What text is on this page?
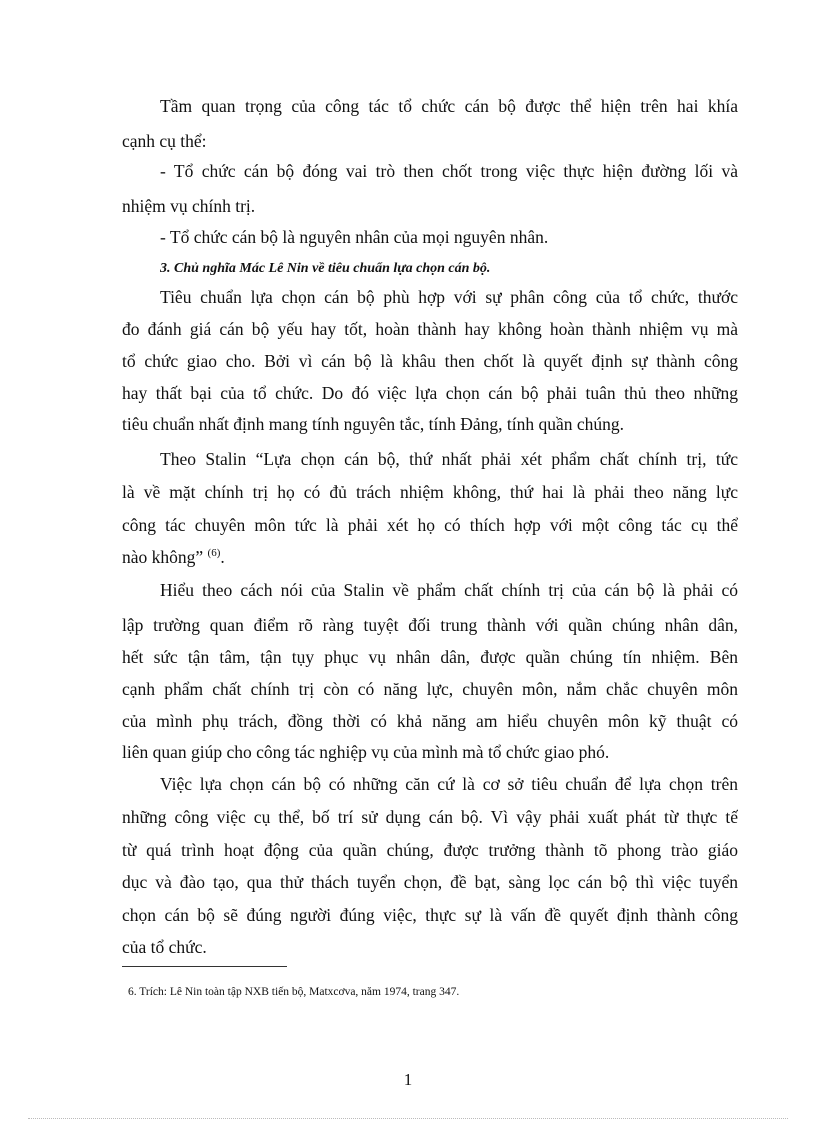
Tầm quan trọng của công tác tổ chức cán bộ được thể hiện trên hai khía
cạnh cụ thể:
- Tổ chức cán bộ đóng vai trò then chốt trong việc thực hiện đường lối và
nhiệm vụ chính trị.
- Tổ chức cán bộ là nguyên nhân của mọi nguyên nhân.
3. Chủ nghĩa Mác Lê Nin về tiêu chuẩn lựa chọn cán bộ.
Tiêu chuẩn lựa chọn cán bộ phù hợp với sự phân công của tổ chức, thước
đo đánh giá cán bộ yếu hay tốt, hoàn thành hay không hoàn thành nhiệm vụ mà
tổ chức giao cho. Bởi vì cán bộ là khâu then chốt là quyết định sự thành công
hay thất bại của tổ chức. Do đó việc lựa chọn cán bộ phải tuân thủ theo những
tiêu chuẩn nhất định mang tính nguyên tắc, tính Đảng, tính quần chúng.
Theo Stalin “Lựa chọn cán bộ, thứ nhất phải xét phẩm chất chính trị, tức
là về mặt chính trị họ có đủ trách nhiệm không, thứ hai là phải theo năng lực
công tác chuyên môn tức là phải xét họ có thích hợp với một công tác cụ thể
nào không” $^{(6)}$.
Hiểu theo cách nói của Stalin về phẩm chất chính trị của cán bộ là phải có
lập trường quan điểm rõ ràng tuyệt đối trung thành với quần chúng nhân dân,
hết sức tận tâm, tận tụy phục vụ nhân dân, được quần chúng tín nhiệm. Bên
cạnh phẩm chất chính trị còn có năng lực, chuyên môn, nắm chắc chuyên môn
của mình phụ trách, đồng thời có khả năng am hiểu chuyên môn kỹ thuật có
liên quan giúp cho công tác nghiệp vụ của mình mà tổ chức giao phó.
Việc lựa chọn cán bộ có những căn cứ là cơ sở tiêu chuẩn để lựa chọn trên
những công việc cụ thể, bố trí sử dụng cán bộ. Vì vậy phải xuất phát từ thực tế
từ quá trình hoạt động của quần chúng, được trưởng thành tõ phong trào giáo
dục và đào tạo, qua thử thách tuyển chọn, đề bạt, sàng lọc cán bộ thì việc tuyển
chọn cán bộ sẽ đúng người đúng việc, thực sự là vấn đề quyết định thành công
của tổ chức.
6. Trích: Lê Nin toàn tập NXB tiến bộ, Matxcơva, năm 1974, trang 347.
1
